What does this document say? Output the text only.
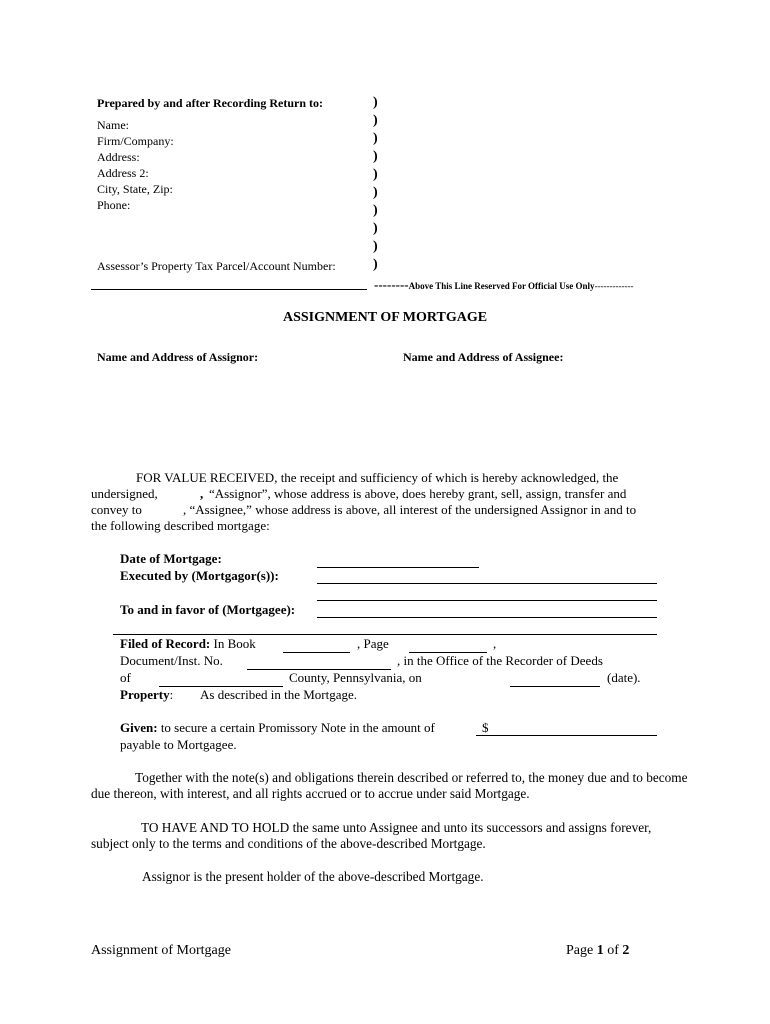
Prepared by and after Recording Return to:
Name:
Firm/Company:
Address:
Address 2:
City, State, Zip:
Phone:
Assessor’s Property Tax Parcel/Account Number:
)
)
)
)
)
)
)
)
)
)
--------Above This Line Reserved For Official Use Only-------------
ASSIGNMENT OF MORTGAGE
Name and Address of Assignor:	Name and Address of Assignee:
FOR VALUE RECEIVED, the receipt and sufficiency of which is hereby acknowledged, the
undersigned,	, “Assignor”, whose address is above, does hereby grant, sell, assign, transfer and
convey to	, “Assignee,” whose address is above, all interest of the undersigned Assignor in and to
the following described mortgage:
Date of Mortgage:
Executed by (Mortgagor(s)):
To and in favor of (Mortgagee):
Filed of Record: In Book	, Page	,
Document/Inst. No.	, in the Office of the Recorder of Deeds
of	County, Pennsylvania, on	(date).
Property: As described in the Mortgage.
Given: to secure a certain Promissory Note in the amount of	$
payable to Mortgagee.
Together with the note(s) and obligations therein described or referred to, the money due and to become due thereon, with interest, and all rights accrued or to accrue under said Mortgage.
TO HAVE AND TO HOLD the same unto Assignee and unto its successors and assigns forever, subject only to the terms and conditions of the above-described Mortgage.
Assignor is the present holder of the above-described Mortgage.
Assignment of Mortgage	Page 1 of 2
